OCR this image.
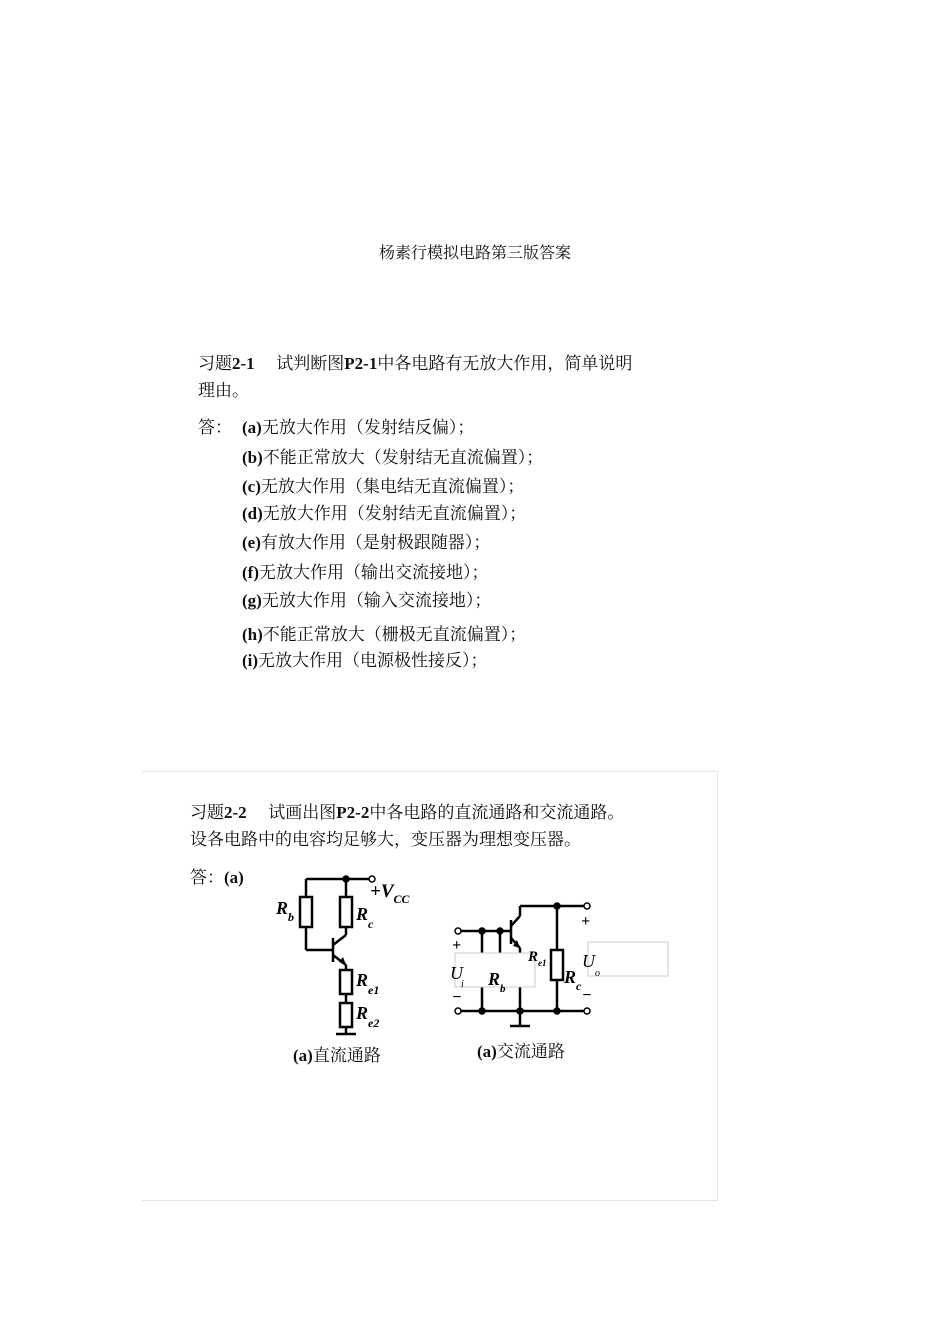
杨素行模拟电路第三版答案
习题2-1 试判断图P2-1中各电路有无放大作用，简单说明
理由。
答： (a)无放大作用（发射结反偏）；
(b)不能正常放大（发射结无直流偏置）；
(c)无放大作用（集电结无直流偏置）；
(d)无放大作用（发射结无直流偏置）；
(e)有放大作用（是射极跟随器）；
(f)无放大作用（输出交流接地）；
(g)无放大作用（输入交流接地）；
(h)不能正常放大（栅极无直流偏置）；
(i)无放大作用（电源极性接反）；
习题2-2 试画出图P2-2中各电路的直流通路和交流通路。
设各电路中的电容均足够大，变压器为理想变压器。
答：(a)
$+V_{CC}$
$R_b$	$R_c$
$R_{e1}$
$R_{e2}$
+
−
U i $R_b$
$R_{e1}$
$R_c$
$U_o$
+
−
(a)直流通路	(a)交流通路
